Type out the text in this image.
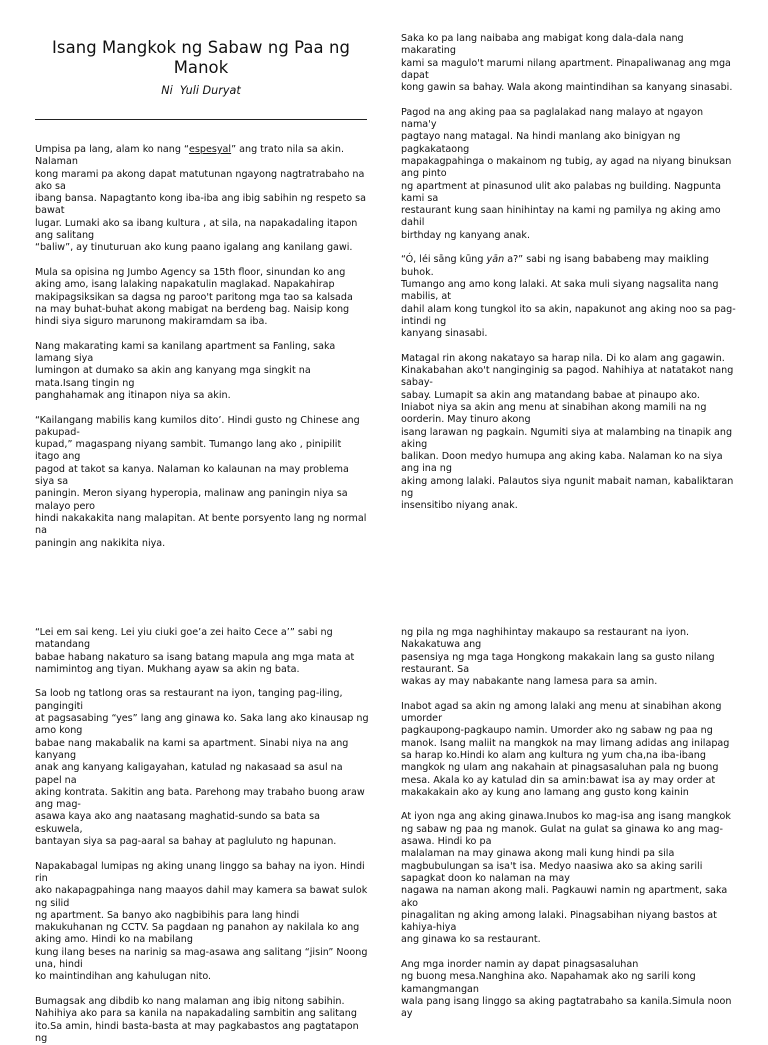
Isang Mangkok ng Sabaw ng Paa ng Manok
Ni  Yuli Duryat

Umpisa pa lang, alam ko nang “espesyal” ang trato nila sa akin. Nalaman
kong marami pa akong dapat matutunan ngayong nagtratrabaho na ako sa
ibang bansa. Napagtanto kong iba-iba ang ibig sabihin ng respeto sa bawat
lugar. Lumaki ako sa ibang kultura , at sila, na napakadaling itapon ang salitang
“baliw”, ay tinuturuan ako kung paano igalang ang kanilang gawi.

Mula sa opisina ng Jumbo Agency sa 15th floor, sinundan ko ang aking amo, isang lalaking napakatulin maglakad. Napakahirap makipagsiksikan sa dagsa ng paroo't paritong mga tao sa kalsada na may buhat-buhat akong mabigat na berdeng bag. Naisip kong hindi siya siguro marunong makiramdam sa iba.

Nang makarating kami sa kanilang apartment sa Fanling, saka lamang siya
lumingon at dumako sa akin ang kanyang mga singkit na mata.Isang tingin ng
panghahamak ang itinapon niya sa akin.

“Kailangang mabilis kang kumilos dito’. Hindi gusto ng Chinese ang pakupad-
kupad,” magaspang niyang sambit. Tumango lang ako , pinipilit itago ang
pagod at takot sa kanya. Nalaman ko kalaunan na may problema siya sa
paningin. Meron siyang hyperopia, malinaw ang paningin niya sa malayo pero
hindi nakakakita nang malapitan. At bente porsyento lang ng normal na
paningin ang nakikita niya.

Saka ko pa lang naibaba ang mabigat kong dala-dala nang makarating
kami sa magulo't marumi nilang apartment. Pinapaliwanag ang mga dapat
kong gawin sa bahay. Wala akong maintindihan sa kanyang sinasabi.

Pagod na ang aking paa sa paglalakad nang malayo at ngayon nama'y
pagtayo nang matagal. Na hindi manlang ako binigyan ng pagkakataong
mapakagpahinga o makainom ng tubig, ay agad na niyang binuksan ang pinto
ng apartment at pinasunod ulit ako palabas ng building. Nagpunta kami sa
restaurant kung saan hinihintay na kami ng pamilya ng aking amo dahil
birthday ng kanyang anak.

“Ó, léi sāng kūng yān a?” sabi ng isang bababeng may maikling buhok.
Tumango ang amo kong lalaki. At saka muli siyang nagsalita nang mabilis, at
dahil alam kong tungkol ito sa akin, napakunot ang aking noo sa pag-intindi ng
kanyang sinasabi.

Matagal rin akong nakatayo sa harap nila. Di ko alam ang gagawin.
Kinakabahan ako't nanginginig sa pagod. Nahihiya at natatakot nang sabay-
sabay. Lumapit sa akin ang matandang babae at pinaupo ako. Iniabot niya sa akin ang menu at sinabihan akong mamili na ng oorderin. May tinuro akong
isang larawan ng pagkain. Ngumiti siya at malambing na tinapik ang aking
balikan. Doon medyo humupa ang aking kaba. Nalaman ko na siya ang ina ng
aking among lalaki. Palautos siya ngunit mabait naman, kabaliktaran ng
insensitibo niyang anak.

“Lei em sai keng. Lei yiu ciuki goe’a zei haito Cece a’” sabi ng matandang
babae habang nakaturo sa isang batang mapula ang mga mata at
namimintog ang tiyan. Mukhang ayaw sa akin ng bata.

Sa loob ng tatlong oras sa restaurant na iyon, tanging pag-iling, pangingiti
at pagsasabing “yes” lang ang ginawa ko. Saka lang ako kinausap ng amo kong
babae nang makabalik na kami sa apartment. Sinabi niya na ang kanyang
anak ang kanyang kaligayahan, katulad ng nakasaad sa asul na papel na
aking kontrata. Sakitin ang bata. Parehong may trabaho buong araw ang mag-
asawa kaya ako ang naatasang maghatid-sundo sa bata sa eskuwela,
bantayan siya sa pag-aaral sa bahay at pagluluto ng hapunan.

Napakabagal lumipas ng aking unang linggo sa bahay na iyon. Hindi rin
ako nakapagpahinga nang maayos dahil may kamera sa bawat sulok ng silid
ng apartment. Sa banyo ako nagbibihis para lang hindi makukuhanan ng CCTV. Sa pagdaan ng panahon ay nakilala ko ang aking amo. Hindi ko na mabilang
kung ilang beses na narinig sa mag-asawa ang salitang “jisin” Noong una, hindi
ko maintindihan ang kahulugan nito.

Bumagsak ang dibdib ko nang malaman ang ibig nitong sabihin.
Nahihiya ako para sa kanila na napakadaling sambitin ang salitang ito.Sa amin, hindi basta-basta at may pagkabastos ang pagtatapon ng

ng pila ng mga naghihintay makaupo sa restaurant na iyon. Nakakatuwa ang
pasensiya ng mga taga Hongkong makakain lang sa gusto nilang restaurant. Sa
wakas ay may nabakante nang lamesa para sa amin.

Inabot agad sa akin ng among lalaki ang menu at sinabihan akong umorder
pagkaupong-pagkaupo namin. Umorder ako ng sabaw ng paa ng manok. Isang maliit na mangkok na may limang adidas ang inilapag sa harap ko.Hindi ko alam ang kultura ng yum cha,na iba-ibang mangkok ng ulam ang nakahain at pinagsasaluhan pala ng buong mesa. Akala ko ay katulad din sa amin:bawat isa ay may order at makakakain ako ay kung ano lamang ang gusto kong kainin

At iyon nga ang aking ginawa.Inubos ko mag-isa ang isang mangkok ng sabaw ng paa ng manok. Gulat na gulat sa ginawa ko ang mag-asawa. Hindi ko pa
malalaman na may ginawa akong mali kung hindi pa sila
magbubulungan sa isa't isa. Medyo naasiwa ako sa aking sarili sapagkat doon ko nalaman na may
nagawa na naman akong mali. Pagkauwi namin ng apartment, saka ako
pinagalitan ng aking among lalaki. Pinagsabihan niyang bastos at kahiya-hiya
ang ginawa ko sa restaurant.

Ang mga inorder namin ay dapat pinagsasaluhan
ng buong mesa.Nanghina ako. Napahamak ako ng sarili kong kamangmangan
wala pang isang linggo sa aking pagtatrabaho sa kanila.Simula noon ay
